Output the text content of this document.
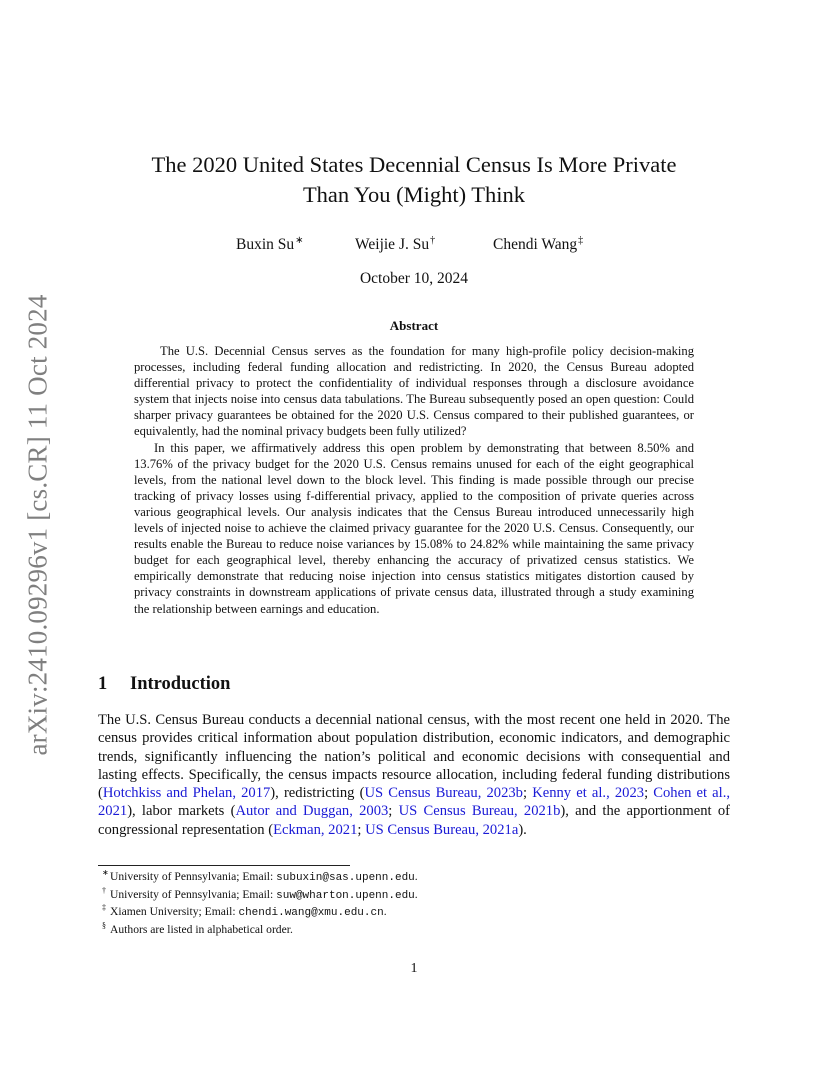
arXiv:2410.09296v1 [cs.CR] 11 Oct 2024
The 2020 United States Decennial Census Is More Private
Than You (Might) Think
Buxin Su∗	Weijie J. Su†	Chendi Wang‡
October 10, 2024
Abstract

The U.S. Decennial Census serves as the foundation for many high-profile policy decision-making processes, including federal funding allocation and redistricting. In 2020, the Census Bureau adopted differential privacy to protect the confidentiality of individual responses through a disclosure avoidance system that injects noise into census data tabulations. The Bureau subsequently posed an open question: Could sharper privacy guarantees be obtained for the 2020 U.S. Census compared to their published guarantees, or equivalently, had the nominal privacy budgets been fully utilized?

In this paper, we affirmatively address this open problem by demonstrating that between 8.50% and 13.76% of the privacy budget for the 2020 U.S. Census remains unused for each of the eight geographical levels, from the national level down to the block level. This finding is made possible through our precise tracking of privacy losses using f-differential privacy, applied to the composition of private queries across various geographical levels. Our analysis indicates that the Census Bureau introduced unnecessarily high levels of injected noise to achieve the claimed privacy guarantee for the 2020 U.S. Census. Consequently, our results enable the Bureau to reduce noise variances by 15.08% to 24.82% while maintaining the same privacy budget for each geographical level, thereby enhancing the accuracy of privatized census statistics. We empirically demonstrate that reducing noise injection into census statistics mitigates distortion caused by privacy constraints in downstream applications of private census data, illustrated through a study examining the relationship between earnings and education.

1 Introduction

The U.S. Census Bureau conducts a decennial national census, with the most recent one held in 2020. The census provides critical information about population distribution, economic indicators, and demographic trends, significantly influencing the nation’s political and economic decisions with consequential and lasting effects. Specifically, the census impacts resource allocation, including federal funding distributions (Hotchkiss and Phelan, 2017), redistricting (US Census Bureau, 2023b; Kenny et al., 2023; Cohen et al., 2021), labor markets (Autor and Duggan, 2003; US Census Bureau, 2021b), and the apportionment of congressional representation (Eckman, 2021; US Census Bureau, 2021a).

∗ University of Pennsylvania; Email: subuxin@sas.upenn.edu.
† University of Pennsylvania; Email: suw@wharton.upenn.edu.
‡ Xiamen University; Email: chendi.wang@xmu.edu.cn.
§ Authors are listed in alphabetical order.
1
